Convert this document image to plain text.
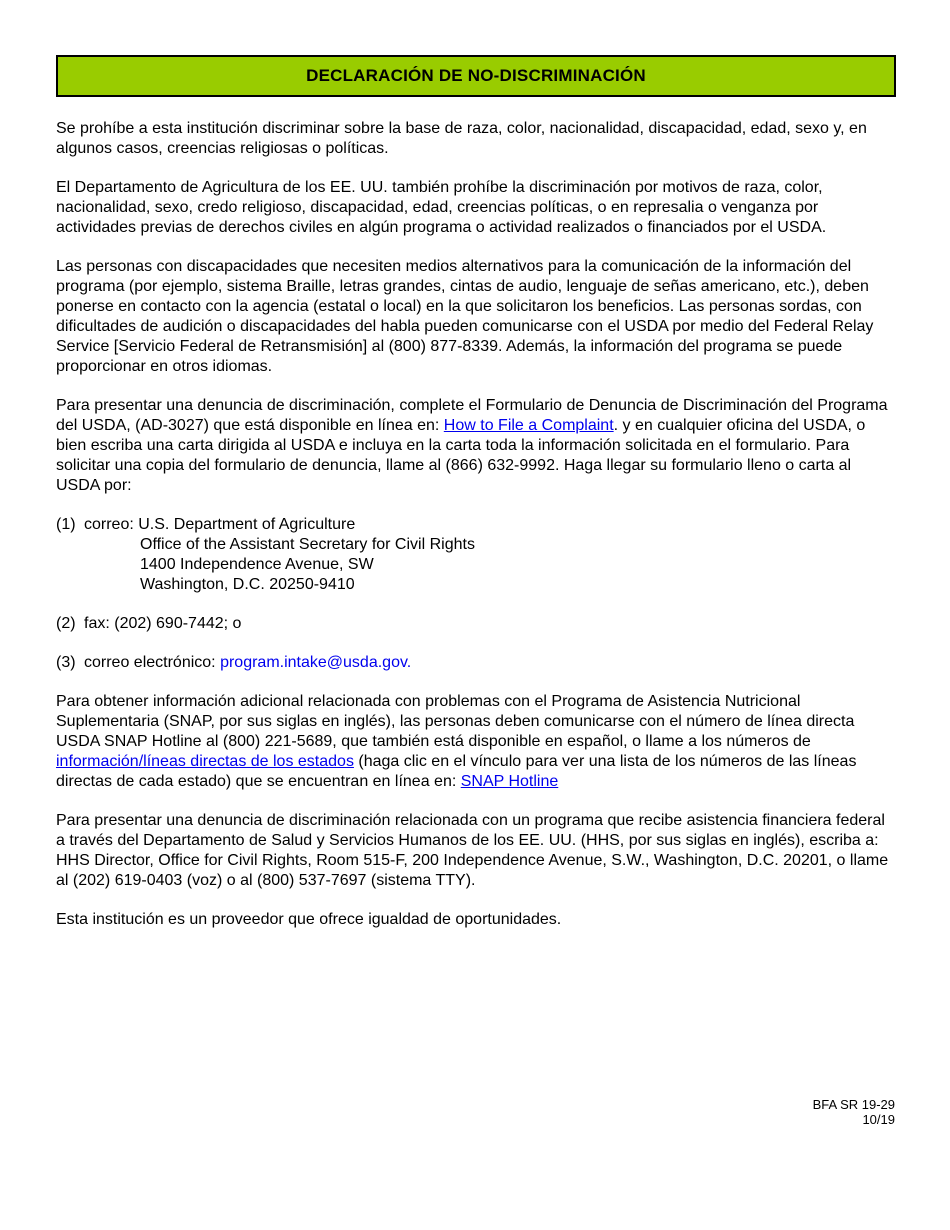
DECLARACIÓN DE NO-DISCRIMINACIÓN

Se prohíbe a esta institución discriminar sobre la base de raza, color, nacionalidad, discapacidad, edad, sexo y, en algunos casos, creencias religiosas o políticas.

El Departamento de Agricultura de los EE. UU. también prohíbe la discriminación por motivos de raza, color, nacionalidad, sexo, credo religioso, discapacidad, edad, creencias políticas, o en represalia o venganza por actividades previas de derechos civiles en algún programa o actividad realizados o financiados por el USDA.

Las personas con discapacidades que necesiten medios alternativos para la comunicación de la información del programa (por ejemplo, sistema Braille, letras grandes, cintas de audio, lenguaje de señas americano, etc.), deben ponerse en contacto con la agencia (estatal o local) en la que solicitaron los beneficios. Las personas sordas, con dificultades de audición o discapacidades del habla pueden comunicarse con el USDA por medio del Federal Relay Service [Servicio Federal de Retransmisión] al (800) 877-8339. Además, la información del programa se puede proporcionar en otros idiomas.

Para presentar una denuncia de discriminación, complete el Formulario de Denuncia de Discriminación del Programa del USDA, (AD-3027) que está disponible en línea en: How to File a Complaint. y en cualquier oficina del USDA, o bien escriba una carta dirigida al USDA e incluya en la carta toda la información solicitada en el formulario. Para solicitar una copia del formulario de denuncia, llame al (866) 632-9992. Haga llegar su formulario lleno o carta al USDA por:

(1) correo: U.S. Department of Agriculture
Office of the Assistant Secretary for Civil Rights
1400 Independence Avenue, SW
Washington, D.C. 20250-9410
(2) fax: (202) 690-7442; o
(3) correo electrónico: program.intake@usda.gov.

Para obtener información adicional relacionada con problemas con el Programa de Asistencia Nutricional Suplementaria (SNAP, por sus siglas en inglés), las personas deben comunicarse con el número de línea directa USDA SNAP Hotline al (800) 221-5689, que también está disponible en español, o llame a los números de información/líneas directas de los estados (haga clic en el vínculo para ver una lista de los números de las líneas directas de cada estado) que se encuentran en línea en: SNAP Hotline

Para presentar una denuncia de discriminación relacionada con un programa que recibe asistencia financiera federal a través del Departamento de Salud y Servicios Humanos de los EE. UU. (HHS, por sus siglas en inglés), escriba a: HHS Director, Office for Civil Rights, Room 515-F, 200 Independence Avenue, S.W., Washington, D.C. 20201, o llame al (202) 619-0403 (voz) o al (800) 537-7697 (sistema TTY).

Esta institución es un proveedor que ofrece igualdad de oportunidades.

BFA SR 19-29
10/19
